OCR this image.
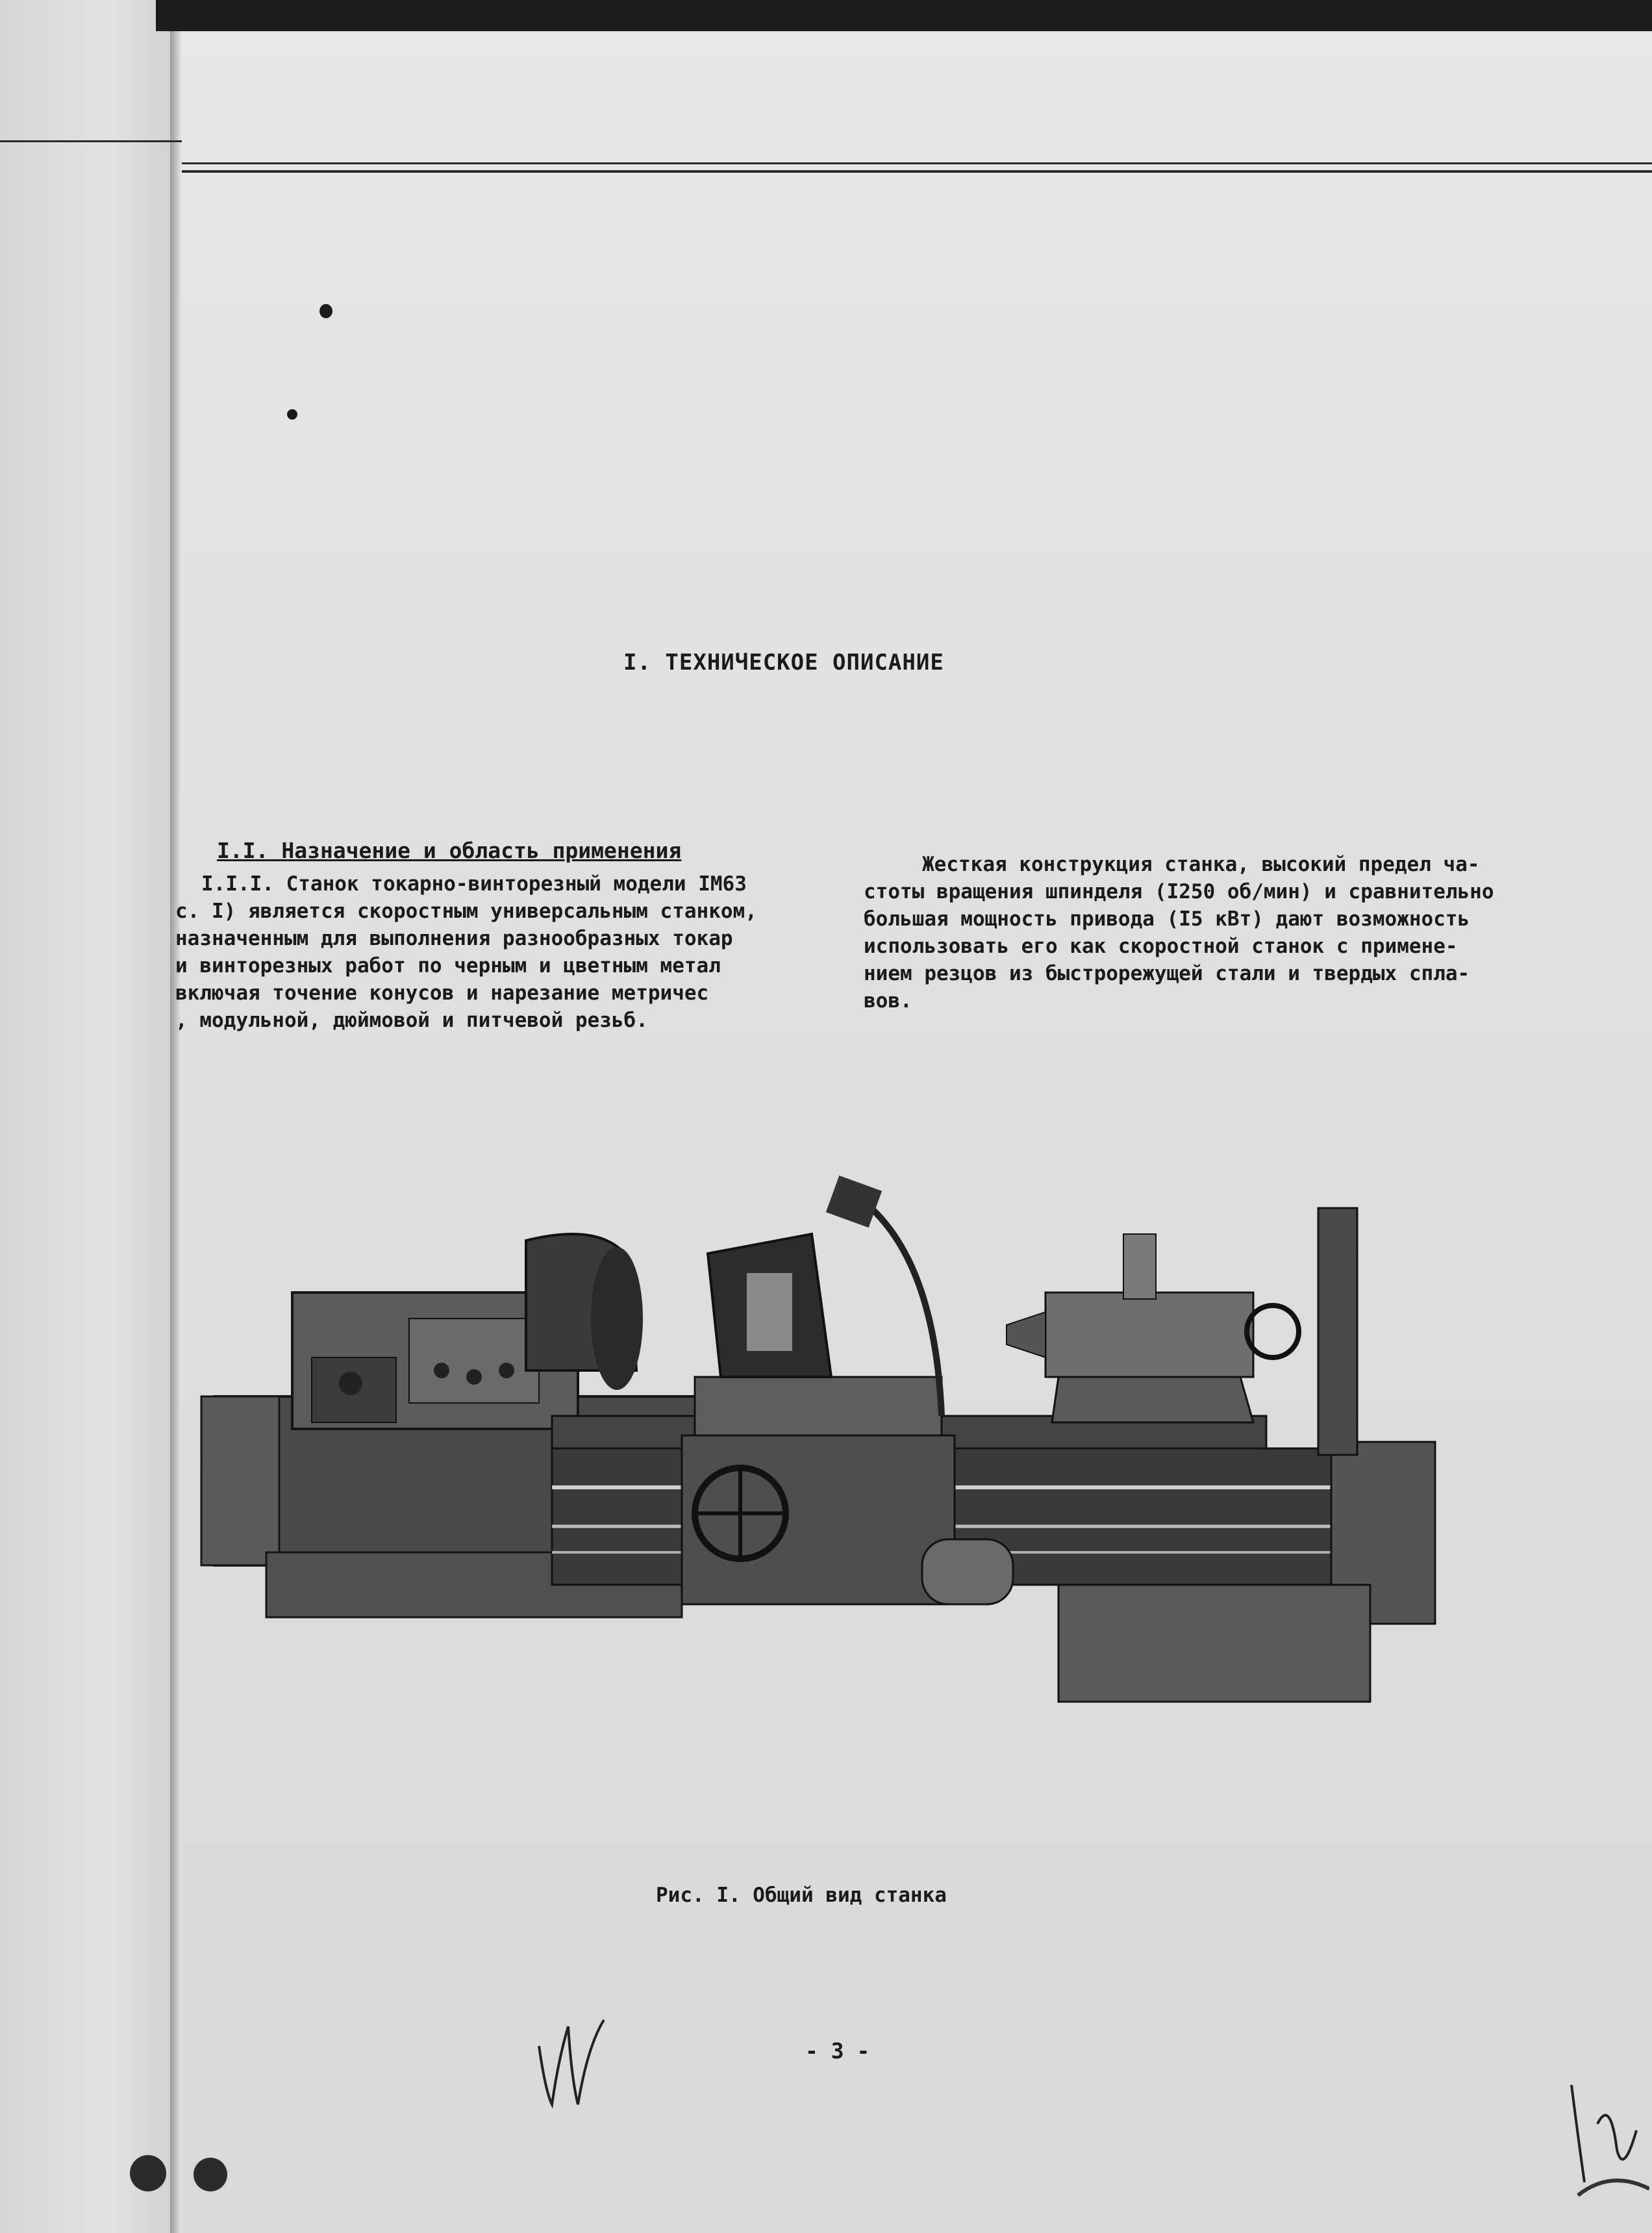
I. ТЕХНИЧЕСКОЕ ОПИСАНИЕ
I.I. Назначение и область применения
I.I.I. Станок токарно-винторезный модели IМ63
с. I) является скоростным универсальным станком,
назначенным для выполнения разнообразных токар
и винторезных работ по черным и цветным метал
включая точение конусов и нарезание метричес
, модульной, дюймовой и питчевой резьб.
Жесткая конструкция станка, высокий предел ча-
стоты вращения шпинделя (I250 об/мин) и сравнительно
большая мощность привода (I5 кВт) дают возможность
использовать его как скоростной станок с примене-
нием резцов из быстрорежущей стали и твердых спла-
вов.
Рис. I. Общий вид станка
- 3 -
